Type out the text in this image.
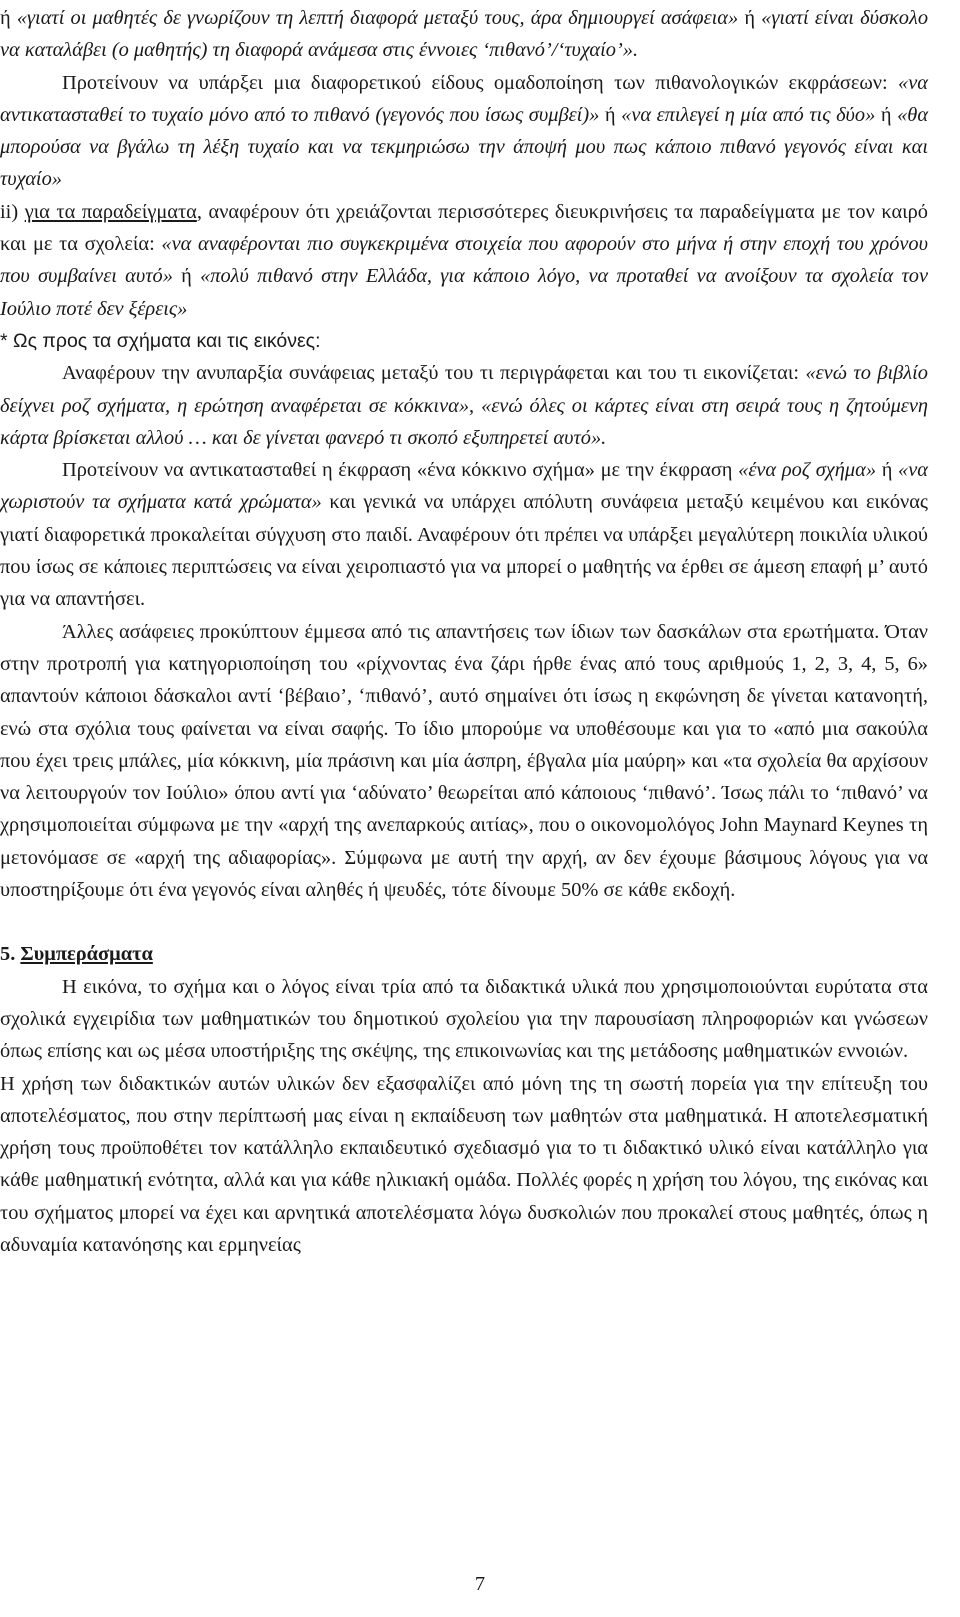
ή «γιατί οι μαθητές δε γνωρίζουν τη λεπτή διαφορά μεταξύ τους, άρα δημιουργεί ασάφεια» ή «γιατί είναι δύσκολο να καταλάβει (ο μαθητής) τη διαφορά ανάμεσα στις έννοιες ‘πιθανό’/‘τυχαίο’».

Προτείνουν να υπάρξει μια διαφορετικού είδους ομαδοποίηση των πιθανολογικών εκφράσεων: «να αντικατασταθεί το τυχαίο μόνο από το πιθανό (γεγονός που ίσως συμβεί)» ή «να επιλεγεί η μία από τις δύο» ή «θα μπορούσα να βγάλω τη λέξη τυχαίο και να τεκμηριώσω την άποψή μου πως κάποιο πιθανό γεγονός είναι και τυχαίο»

ii) για τα παραδείγματα, αναφέρουν ότι χρειάζονται περισσότερες διευκρινήσεις τα παραδείγματα με τον καιρό και με τα σχολεία: «να αναφέρονται πιο συγκεκριμένα στοιχεία που αφορούν στο μήνα ή στην εποχή του χρόνου που συμβαίνει αυτό» ή «πολύ πιθανό στην Ελλάδα, για κάποιο λόγο, να προταθεί να ανοίξουν τα σχολεία τον Ιούλιο ποτέ δεν ξέρεις»

* Ως προς τα σχήματα και τις εικόνες:

Αναφέρουν την ανυπαρξία συνάφειας μεταξύ του τι περιγράφεται και του τι εικονίζεται: «ενώ το βιβλίο δείχνει ροζ σχήματα, η ερώτηση αναφέρεται σε κόκκινα», «ενώ όλες οι κάρτες είναι στη σειρά τους η ζητούμενη κάρτα βρίσκεται αλλού … και δε γίνεται φανερό τι σκοπό εξυπηρετεί αυτό».

Προτείνουν να αντικατασταθεί η έκφραση «ένα κόκκινο σχήμα» με την έκφραση «ένα ροζ σχήμα» ή «να χωριστούν τα σχήματα κατά χρώματα» και γενικά να υπάρχει απόλυτη συνάφεια μεταξύ κειμένου και εικόνας γιατί διαφορετικά προκαλείται σύγχυση στο παιδί. Αναφέρουν ότι πρέπει να υπάρξει μεγαλύτερη ποικιλία υλικού που ίσως σε κάποιες περιπτώσεις να είναι χειροπιαστό για να μπορεί ο μαθητής να έρθει σε άμεση επαφή μ’ αυτό για να απαντήσει.

Άλλες ασάφειες προκύπτουν έμμεσα από τις απαντήσεις των ίδιων των δασκάλων στα ερωτήματα. Όταν στην προτροπή για κατηγοριοποίηση του «ρίχνοντας ένα ζάρι ήρθε ένας από τους αριθμούς 1, 2, 3, 4, 5, 6» απαντούν κάποιοι δάσκαλοι αντί ‘βέβαιο’, ‘πιθανό’, αυτό σημαίνει ότι ίσως η εκφώνηση δε γίνεται κατανοητή, ενώ στα σχόλια τους φαίνεται να είναι σαφής. Το ίδιο μπορούμε να υποθέσουμε και για το «από μια σακούλα που έχει τρεις μπάλες, μία κόκκινη, μία πράσινη και μία άσπρη, έβγαλα μία μαύρη» και «τα σχολεία θα αρχίσουν να λειτουργούν τον Ιούλιο» όπου αντί για ‘αδύνατο’ θεωρείται από κάποιους ‘πιθανό’. Ίσως πάλι το ‘πιθανό’ να χρησιμοποιείται σύμφωνα με την «αρχή της ανεπαρκούς αιτίας», που ο οικονομολόγος John Maynard Keynes τη μετονόμασε σε «αρχή της αδιαφορίας». Σύμφωνα με αυτή την αρχή, αν δεν έχουμε βάσιμους λόγους για να υποστηρίξουμε ότι ένα γεγονός είναι αληθές ή ψευδές, τότε δίνουμε 50% σε κάθε εκδοχή.

5. Συμπεράσματα

Η εικόνα, το σχήμα και ο λόγος είναι τρία από τα διδακτικά υλικά που χρησιμοποιούνται ευρύτατα στα σχολικά εγχειρίδια των μαθηματικών του δημοτικού σχολείου για την παρουσίαση πληροφοριών και γνώσεων όπως επίσης και ως μέσα υποστήριξης της σκέψης, της επικοινωνίας και της μετάδοσης μαθηματικών εννοιών.

Η χρήση των διδακτικών αυτών υλικών δεν εξασφαλίζει από μόνη της τη σωστή πορεία για την επίτευξη του αποτελέσματος, που στην περίπτωσή μας είναι η εκπαίδευση των μαθητών στα μαθηματικά. Η αποτελεσματική χρήση τους προϋποθέτει τον κατάλληλο εκπαιδευτικό σχεδιασμό για το τι διδακτικό υλικό είναι κατάλληλο για κάθε μαθηματική ενότητα, αλλά και για κάθε ηλικιακή ομάδα. Πολλές φορές η χρήση του λόγου, της εικόνας και του σχήματος μπορεί να έχει και αρνητικά αποτελέσματα λόγω δυσκολιών που προκαλεί στους μαθητές, όπως η αδυναμία κατανόησης και ερμηνείας

7
